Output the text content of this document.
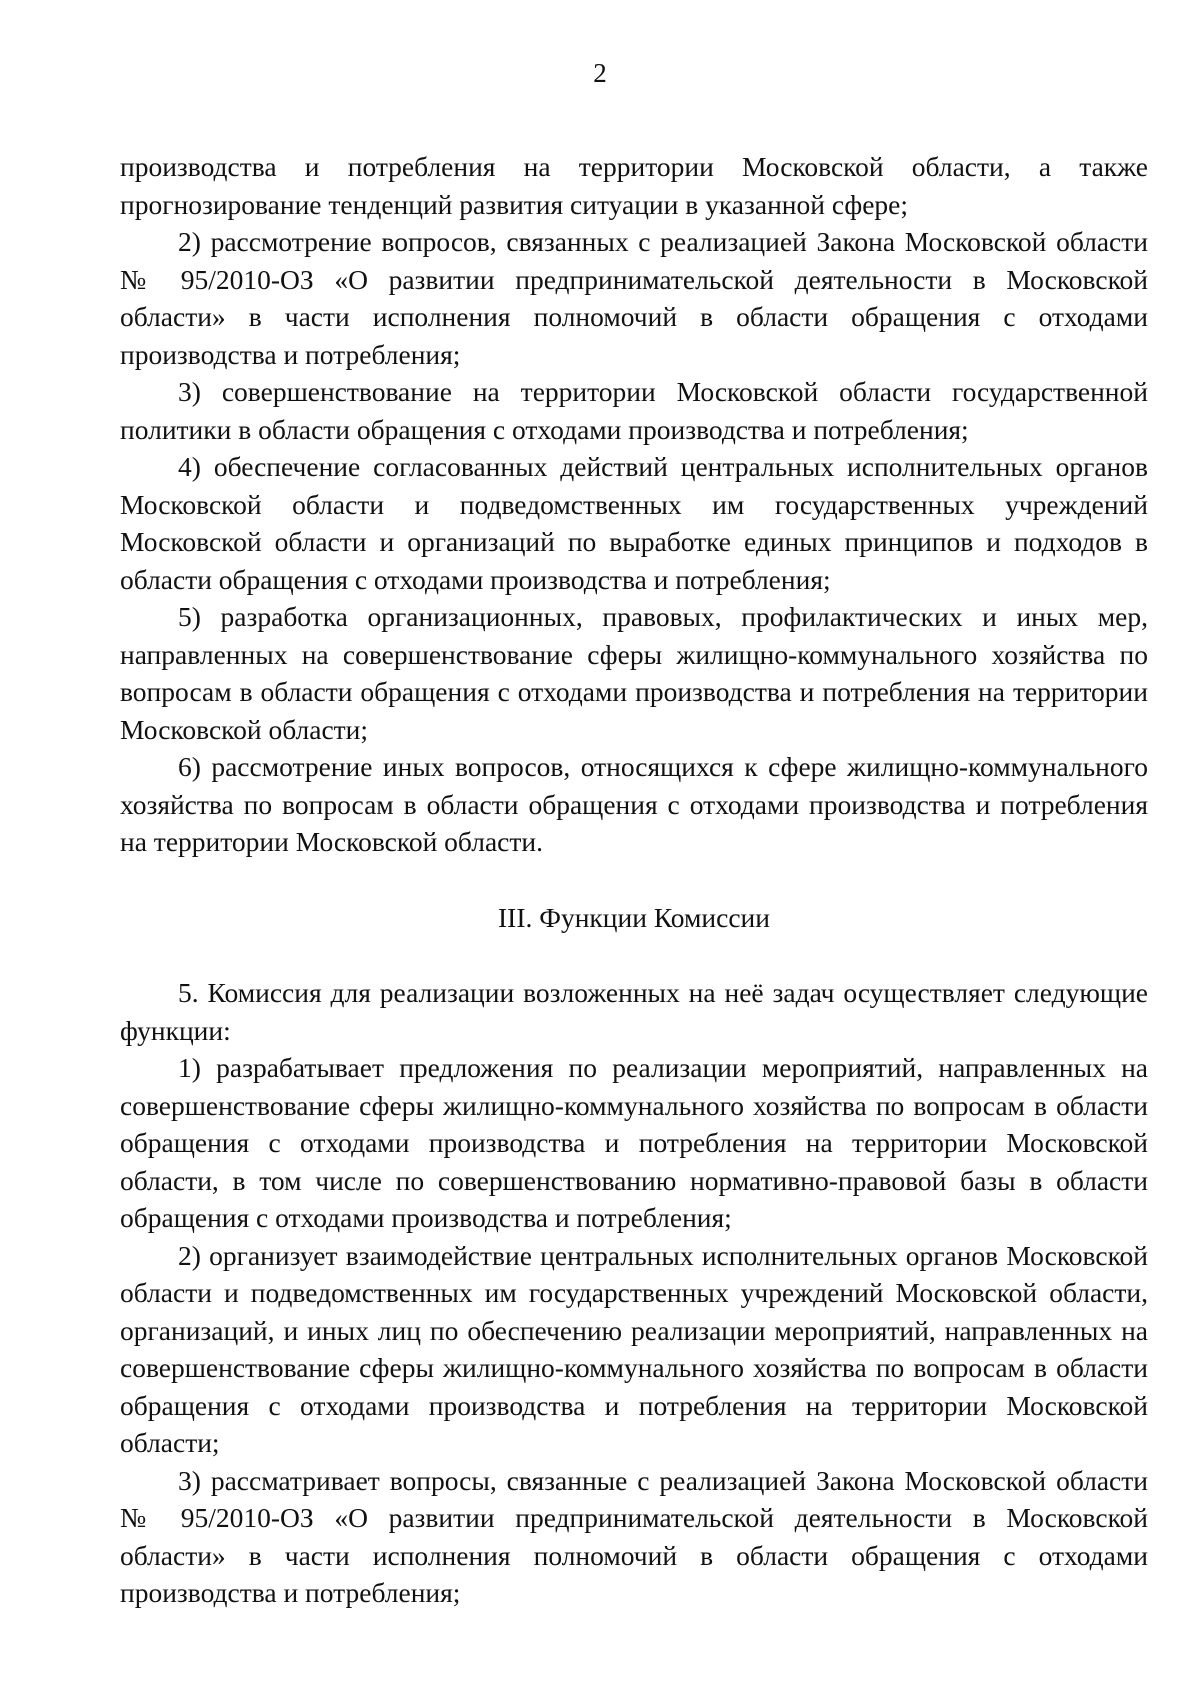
2

производства и потребления на территории Московской области, а также прогнозирование тенденций развития ситуации в указанной сфере;

2) рассмотрение вопросов, связанных с реализацией Закона Московской области № 95/2010-ОЗ «О развитии предпринимательской деятельности в Московской области» в части исполнения полномочий в области обращения с отходами производства и потребления;

3) совершенствование на территории Московской области государственной политики в области обращения с отходами производства и потребления;

4) обеспечение согласованных действий центральных исполнительных органов Московской области и подведомственных им государственных учреждений Московской области и организаций по выработке единых принципов и подходов в области обращения с отходами производства и потребления;

5) разработка организационных, правовых, профилактических и иных мер, направленных на совершенствование сферы жилищно-коммунального хозяйства по вопросам в области обращения с отходами производства и потребления на территории Московской области;

6) рассмотрение иных вопросов, относящихся к сфере жилищно-коммунального хозяйства по вопросам в области обращения с отходами производства и потребления на территории Московской области.

III. Функции Комиссии

5. Комиссия для реализации возложенных на неё задач осуществляет следующие функции:

1) разрабатывает предложения по реализации мероприятий, направленных на совершенствование сферы жилищно-коммунального хозяйства по вопросам в области обращения с отходами производства и потребления на территории Московской области, в том числе по совершенствованию нормативно-правовой базы в области обращения с отходами производства и потребления;

2) организует взаимодействие центральных исполнительных органов Московской области и подведомственных им государственных учреждений Московской области, организаций, и иных лиц по обеспечению реализации мероприятий, направленных на совершенствование сферы жилищно-коммунального хозяйства по вопросам в области обращения с отходами производства и потребления на территории Московской области;

3) рассматривает вопросы, связанные с реализацией Закона Московской области № 95/2010-ОЗ «О развитии предпринимательской деятельности в Московской области» в части исполнения полномочий в области обращения с отходами производства и потребления;
